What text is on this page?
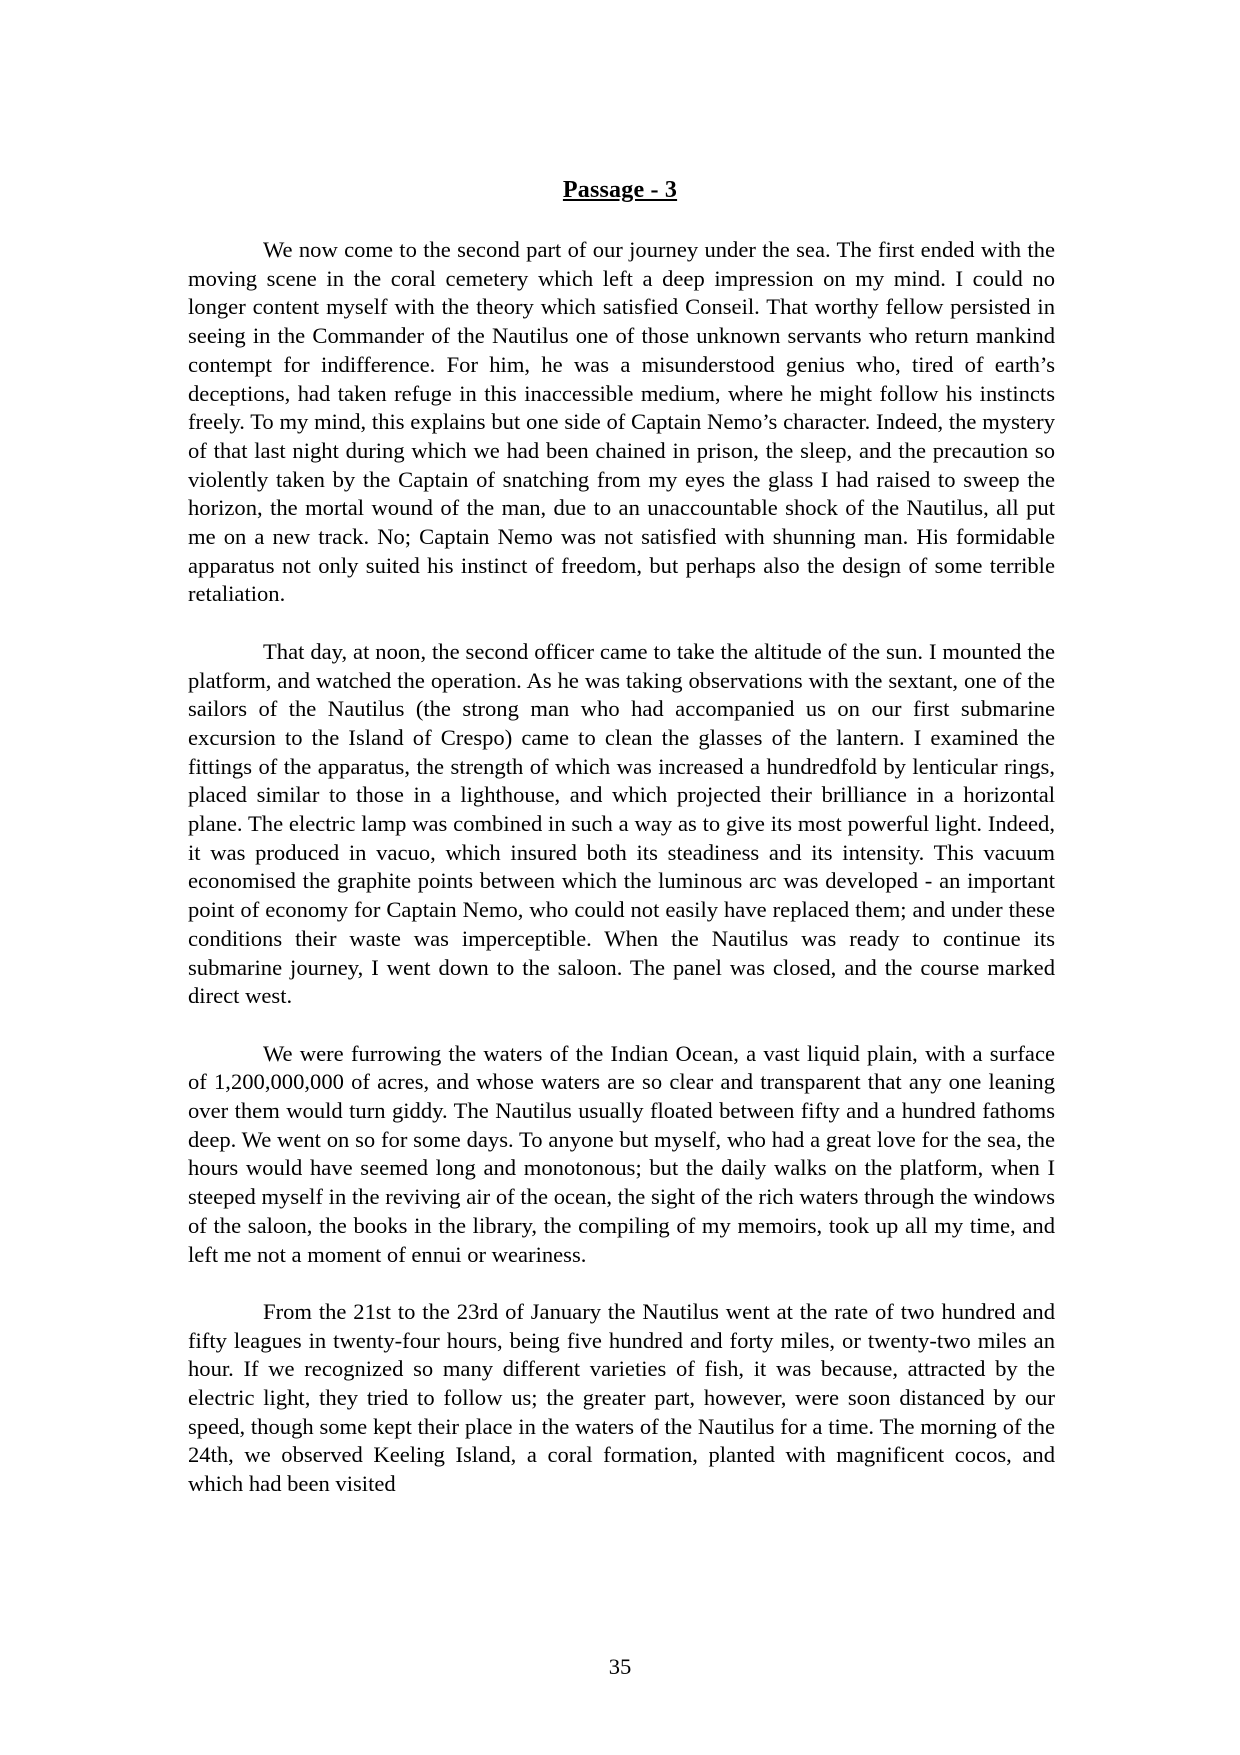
Passage - 3

We now come to the second part of our journey under the sea. The first ended with the moving scene in the coral cemetery which left a deep impression on my mind. I could no longer content myself with the theory which satisfied Conseil. That worthy fellow persisted in seeing in the Commander of the Nautilus one of those unknown servants who return mankind contempt for indifference. For him, he was a misunderstood genius who, tired of earth’s deceptions, had taken refuge in this inaccessible medium, where he might follow his instincts freely. To my mind, this explains but one side of Captain Nemo’s character. Indeed, the mystery of that last night during which we had been chained in prison, the sleep, and the precaution so violently taken by the Captain of snatching from my eyes the glass I had raised to sweep the horizon, the mortal wound of the man, due to an unaccountable shock of the Nautilus, all put me on a new track. No; Captain Nemo was not satisfied with shunning man. His formidable apparatus not only suited his instinct of freedom, but perhaps also the design of some terrible retaliation.

That day, at noon, the second officer came to take the altitude of the sun. I mounted the platform, and watched the operation. As he was taking observations with the sextant, one of the sailors of the Nautilus (the strong man who had accompanied us on our first submarine excursion to the Island of Crespo) came to clean the glasses of the lantern. I examined the fittings of the apparatus, the strength of which was increased a hundredfold by lenticular rings, placed similar to those in a lighthouse, and which projected their brilliance in a horizontal plane. The electric lamp was combined in such a way as to give its most powerful light. Indeed, it was produced in vacuo, which insured both its steadiness and its intensity. This vacuum economised the graphite points between which the luminous arc was developed - an important point of economy for Captain Nemo, who could not easily have replaced them; and under these conditions their waste was imperceptible. When the Nautilus was ready to continue its submarine journey, I went down to the saloon. The panel was closed, and the course marked direct west.

We were furrowing the waters of the Indian Ocean, a vast liquid plain, with a surface of 1,200,000,000 of acres, and whose waters are so clear and transparent that any one leaning over them would turn giddy. The Nautilus usually floated between fifty and a hundred fathoms deep. We went on so for some days. To anyone but myself, who had a great love for the sea, the hours would have seemed long and monotonous; but the daily walks on the platform, when I steeped myself in the reviving air of the ocean, the sight of the rich waters through the windows of the saloon, the books in the library, the compiling of my memoirs, took up all my time, and left me not a moment of ennui or weariness.

From the 21st to the 23rd of January the Nautilus went at the rate of two hundred and fifty leagues in twenty-four hours, being five hundred and forty miles, or twenty-two miles an hour. If we recognized so many different varieties of fish, it was because, attracted by the electric light, they tried to follow us; the greater part, however, were soon distanced by our speed, though some kept their place in the waters of the Nautilus for a time. The morning of the 24th, we observed Keeling Island, a coral formation, planted with magnificent cocos, and which had been visited

35
